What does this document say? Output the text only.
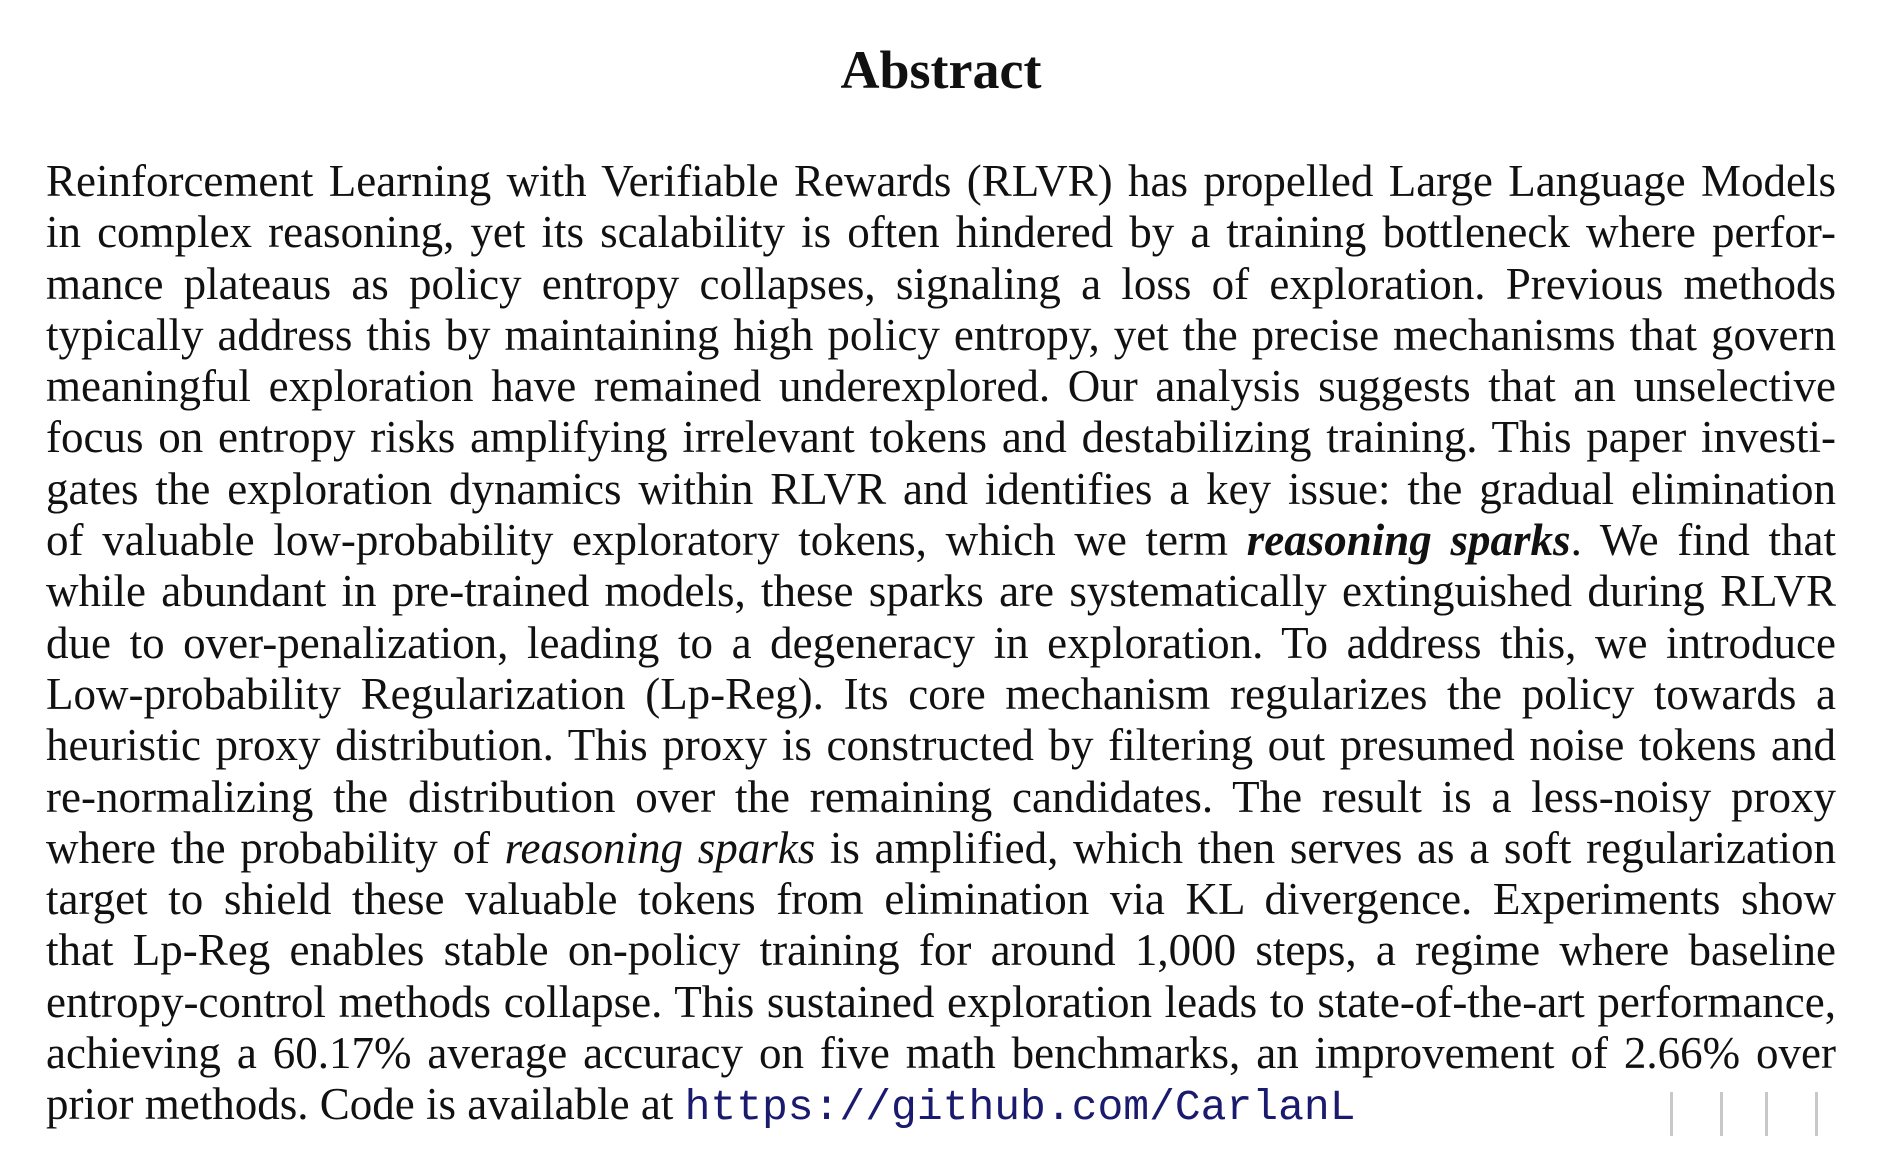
Abstract
Reinforcement Learning with Verifiable Rewards (RLVR) has propelled Large Language Models
in complex reasoning, yet its scalability is often hindered by a training bottleneck where perfor-
mance plateaus as policy entropy collapses, signaling a loss of exploration. Previous methods
typically address this by maintaining high policy entropy, yet the precise mechanisms that govern
meaningful exploration have remained underexplored. Our analysis suggests that an unselective
focus on entropy risks amplifying irrelevant tokens and destabilizing training. This paper investi-
gates the exploration dynamics within RLVR and identifies a key issue: the gradual elimination
of valuable low-probability exploratory tokens, which we term reasoning sparks. We find that
while abundant in pre-trained models, these sparks are systematically extinguished during RLVR
due to over-penalization, leading to a degeneracy in exploration. To address this, we introduce
Low-probability Regularization (Lp-Reg). Its core mechanism regularizes the policy towards a
heuristic proxy distribution. This proxy is constructed by filtering out presumed noise tokens and
re-normalizing the distribution over the remaining candidates. The result is a less-noisy proxy
where the probability of reasoning sparks is amplified, which then serves as a soft regularization
target to shield these valuable tokens from elimination via KL divergence. Experiments show
that Lp-Reg enables stable on-policy training for around 1,000 steps, a regime where baseline
entropy-control methods collapse. This sustained exploration leads to state-of-the-art performance,
achieving a 60.17% average accuracy on five math benchmarks, an improvement of 2.66% over
prior methods. Code is available at https://github.com/CarlanL
